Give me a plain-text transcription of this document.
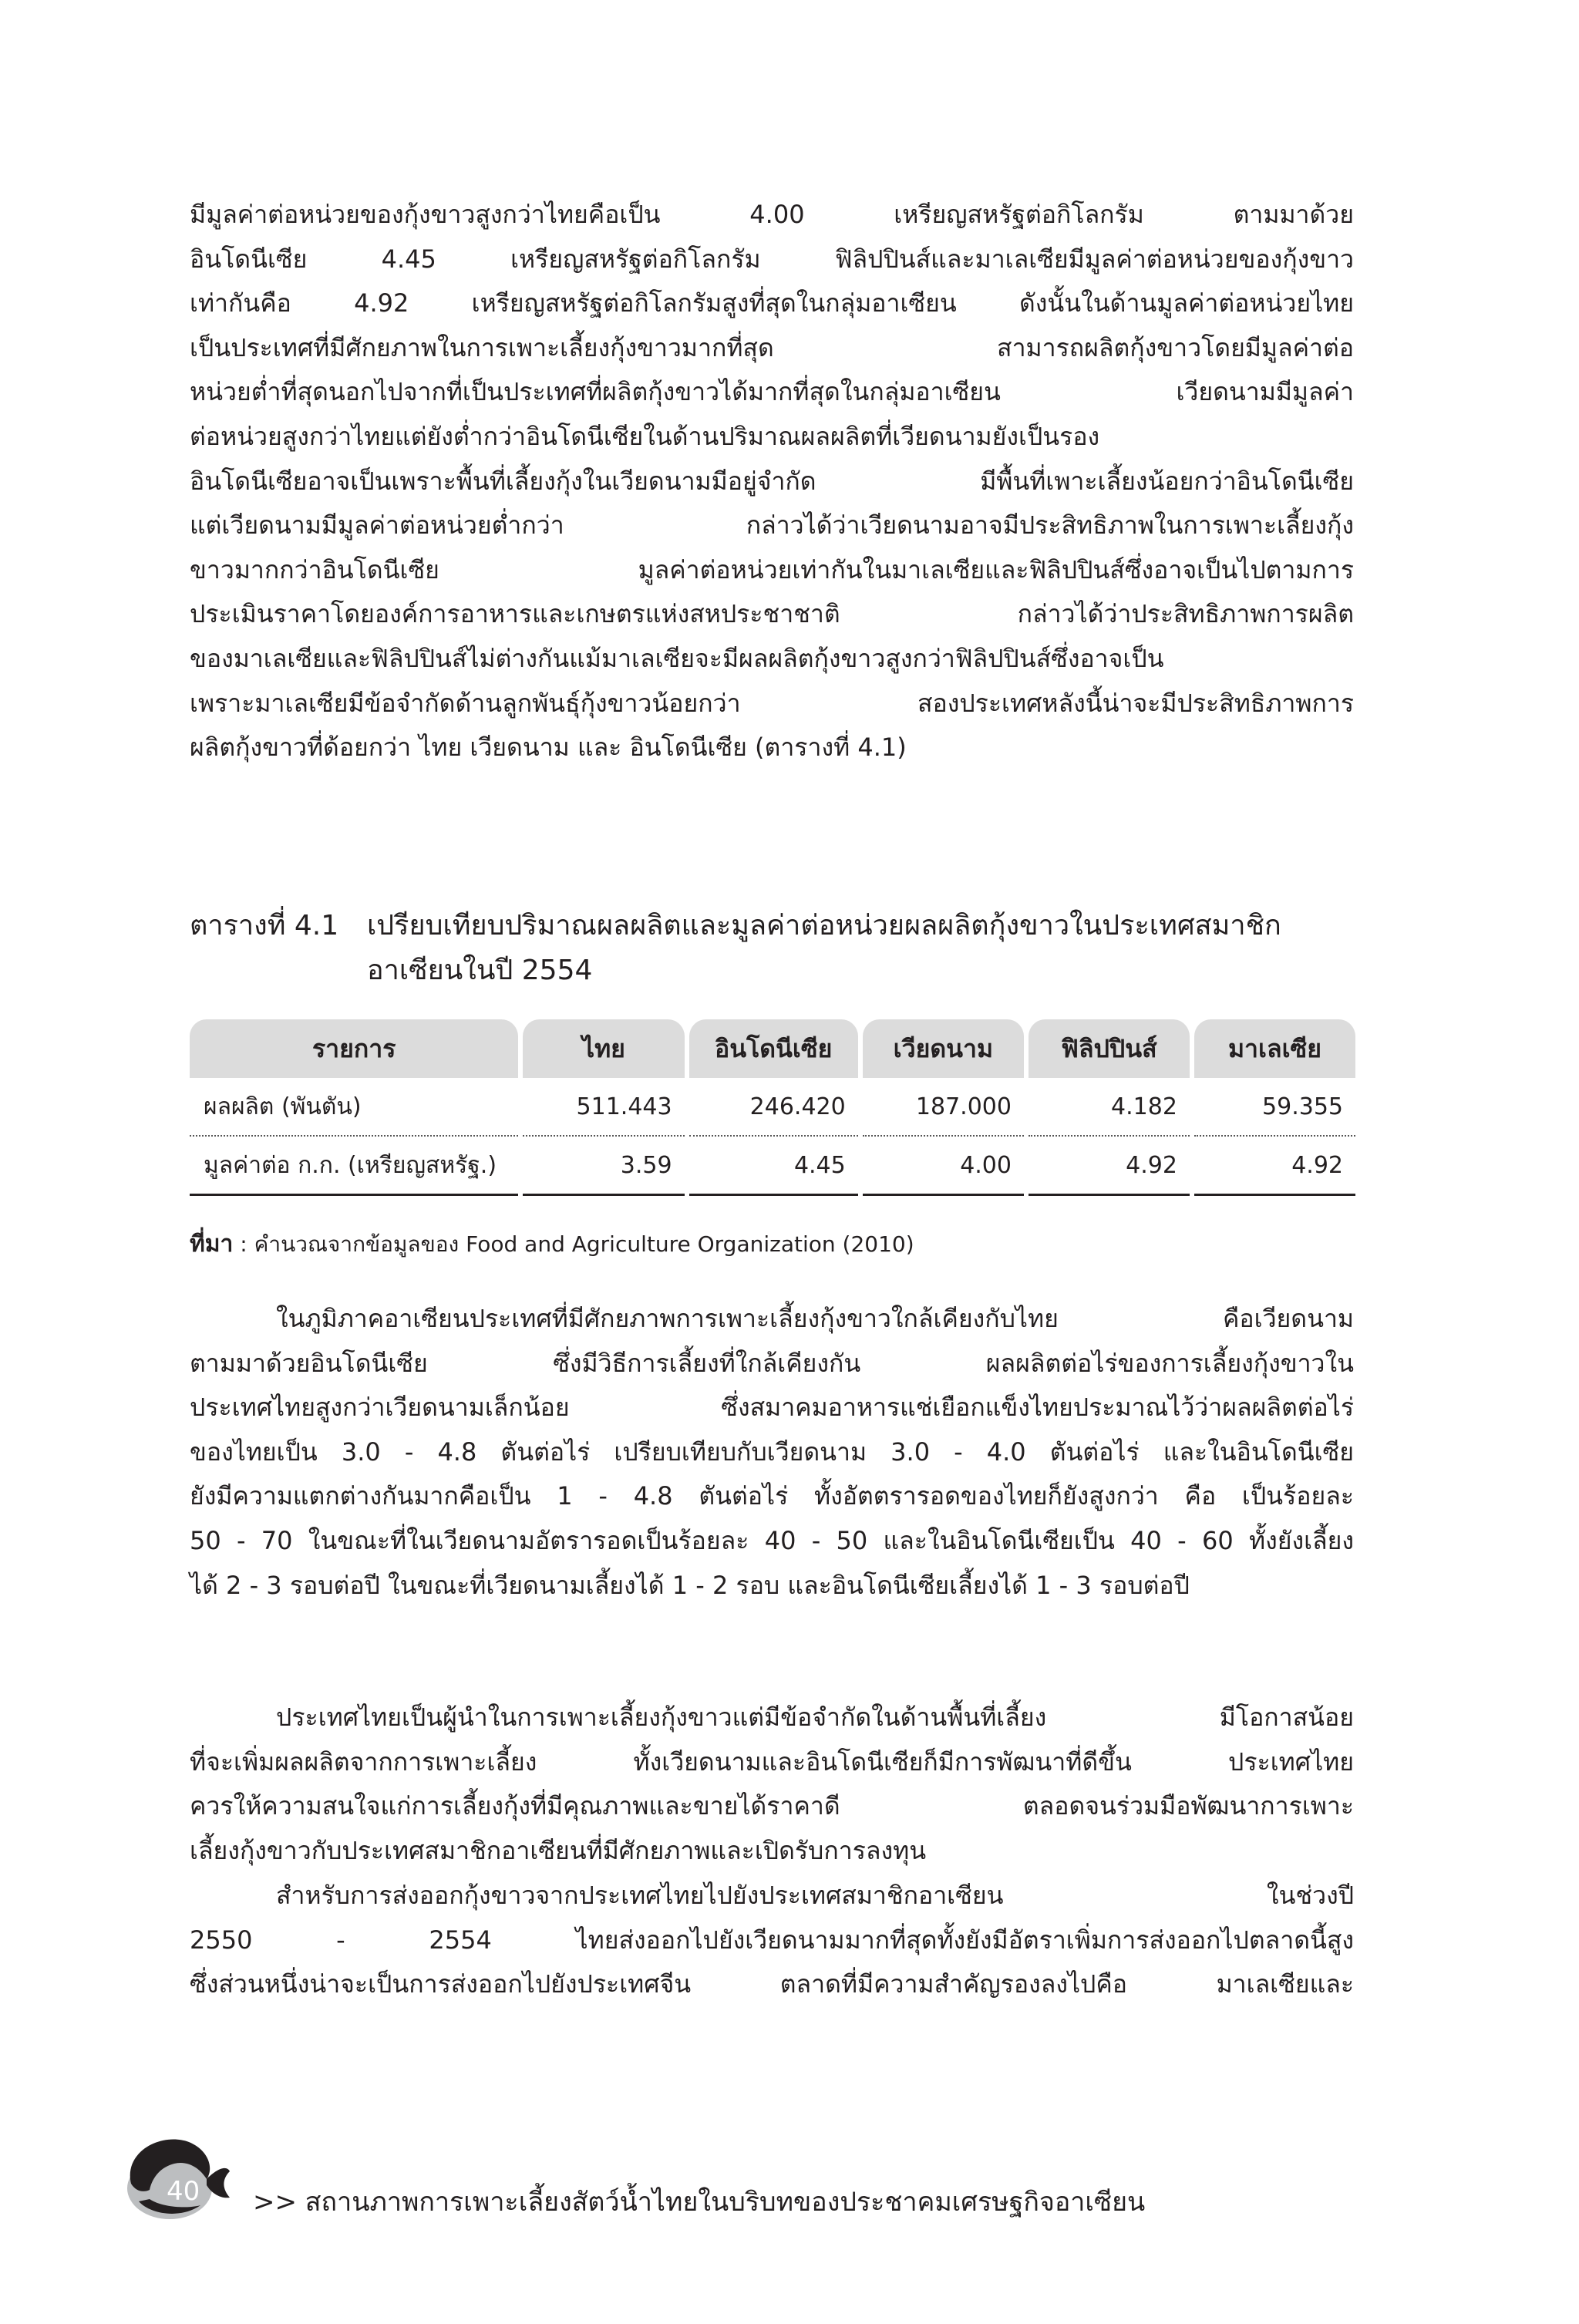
มีมูลค่าต่อหน่วยของกุ้งขาวสูงกว่าไทยคือเป็น 4.00 เหรียญสหรัฐต่อกิโลกรัม ตามมาด้วย
อินโดนีเซีย 4.45 เหรียญสหรัฐต่อกิโลกรัม ฟิลิปปินส์และมาเลเซียมีมูลค่าต่อหน่วยของกุ้งขาว
เท่ากันคือ 4.92 เหรียญสหรัฐต่อกิโลกรัมสูงที่สุดในกลุ่มอาเซียน ดังนั้นในด้านมูลค่าต่อหน่วยไทย
เป็นประเทศที่มีศักยภาพในการเพาะเลี้ยงกุ้งขาวมากที่สุด สามารถผลิตกุ้งขาวโดยมีมูลค่าต่อ
หน่วยต่ำที่สุดนอกไปจากที่เป็นประเทศที่ผลิตกุ้งขาวได้มากที่สุดในกลุ่มอาเซียน เวียดนามมีมูลค่า
ต่อหน่วยสูงกว่าไทยแต่ยังต่ำกว่าอินโดนีเซียในด้านปริมาณผลผลิตที่เวียดนามยังเป็นรอง
อินโดนีเซียอาจเป็นเพราะพื้นที่เลี้ยงกุ้งในเวียดนามมีอยู่จำกัด มีพื้นที่เพาะเลี้ยงน้อยกว่าอินโดนีเซีย
แต่เวียดนามมีมูลค่าต่อหน่วยต่ำกว่า กล่าวได้ว่าเวียดนามอาจมีประสิทธิภาพในการเพาะเลี้ยงกุ้ง
ขาวมากกว่าอินโดนีเซีย มูลค่าต่อหน่วยเท่ากันในมาเลเซียและฟิลิปปินส์ซึ่งอาจเป็นไปตามการ
ประเมินราคาโดยองค์การอาหารและเกษตรแห่งสหประชาชาติ กล่าวได้ว่าประสิทธิภาพการผลิต
ของมาเลเซียและฟิลิปปินส์ไม่ต่างกันแม้มาเลเซียจะมีผลผลิตกุ้งขาวสูงกว่าฟิลิปปินส์ซึ่งอาจเป็น
เพราะมาเลเซียมีข้อจำกัดด้านลูกพันธุ์กุ้งขาวน้อยกว่า สองประเทศหลังนี้น่าจะมีประสิทธิภาพการ
ผลิตกุ้งขาวที่ด้อยกว่า ไทย เวียดนาม และ อินโดนีเซีย (ตารางที่ 4.1)
ตารางที่ 4.1 เปรียบเทียบปริมาณผลผลิตและมูลค่าต่อหน่วยผลผลิตกุ้งขาวในประเทศสมาชิก
อาเซียนในปี 2554
รายการ	ไทย	อินโดนีเซีย	เวียดนาม	ฟิลิปปินส์	มาเลเซีย
ผลผลิต (พันตัน)	511.443	246.420	187.000	4.182	59.355
มูลค่าต่อ ก.ก. (เหรียญสหรัฐ.)	3.59	4.45	4.00	4.92	4.92
ที่มา : คำนวณจากข้อมูลของ Food and Agriculture Organization (2010)
ในภูมิภาคอาเซียนประเทศที่มีศักยภาพการเพาะเลี้ยงกุ้งขาวใกล้เคียงกับไทย คือเวียดนาม
ตามมาด้วยอินโดนีเซีย ซึ่งมีวิธีการเลี้ยงที่ใกล้เคียงกัน ผลผลิตต่อไร่ของการเลี้ยงกุ้งขาวใน
ประเทศไทยสูงกว่าเวียดนามเล็กน้อย ซึ่งสมาคมอาหารแช่เยือกแข็งไทยประมาณไว้ว่าผลผลิตต่อไร่
ของไทยเป็น 3.0 - 4.8 ตันต่อไร่ เปรียบเทียบกับเวียดนาม 3.0 - 4.0 ตันต่อไร่ และในอินโดนีเซีย
ยังมีความแตกต่างกันมากคือเป็น 1 - 4.8 ตันต่อไร่ ทั้งอัตตรารอดของไทยก็ยังสูงกว่า คือ เป็นร้อยละ
50 - 70 ในขณะที่ในเวียดนามอัตรารอดเป็นร้อยละ 40 - 50 และในอินโดนีเซียเป็น 40 - 60 ทั้งยังเลี้ยง
ได้ 2 - 3 รอบต่อปี ในขณะที่เวียดนามเลี้ยงได้ 1 - 2 รอบ และอินโดนีเซียเลี้ยงได้ 1 - 3 รอบต่อปี
ประเทศไทยเป็นผู้นำในการเพาะเลี้ยงกุ้งขาวแต่มีข้อจำกัดในด้านพื้นที่เลี้ยง มีโอกาสน้อย
ที่จะเพิ่มผลผลิตจากการเพาะเลี้ยง ทั้งเวียดนามและอินโดนีเซียก็มีการพัฒนาที่ดีขึ้น ประเทศไทย
ควรให้ความสนใจแก่การเลี้ยงกุ้งที่มีคุณภาพและขายได้ราคาดี ตลอดจนร่วมมือพัฒนาการเพาะ
เลี้ยงกุ้งขาวกับประเทศสมาชิกอาเซียนที่มีศักยภาพและเปิดรับการลงทุน
สำหรับการส่งออกกุ้งขาวจากประเทศไทยไปยังประเทศสมาชิกอาเซียน ในช่วงปี
2550 - 2554 ไทยส่งออกไปยังเวียดนามมากที่สุดทั้งยังมีอัตราเพิ่มการส่งออกไปตลาดนี้สูง
ซึ่งส่วนหนึ่งน่าจะเป็นการส่งออกไปยังประเทศจีน ตลาดที่มีความสำคัญรองลงไปคือ มาเลเซียและ
40 >> สถานภาพการเพาะเลี้ยงสัตว์น้ำไทยในบริบทของประชาคมเศรษฐกิจอาเซียน
